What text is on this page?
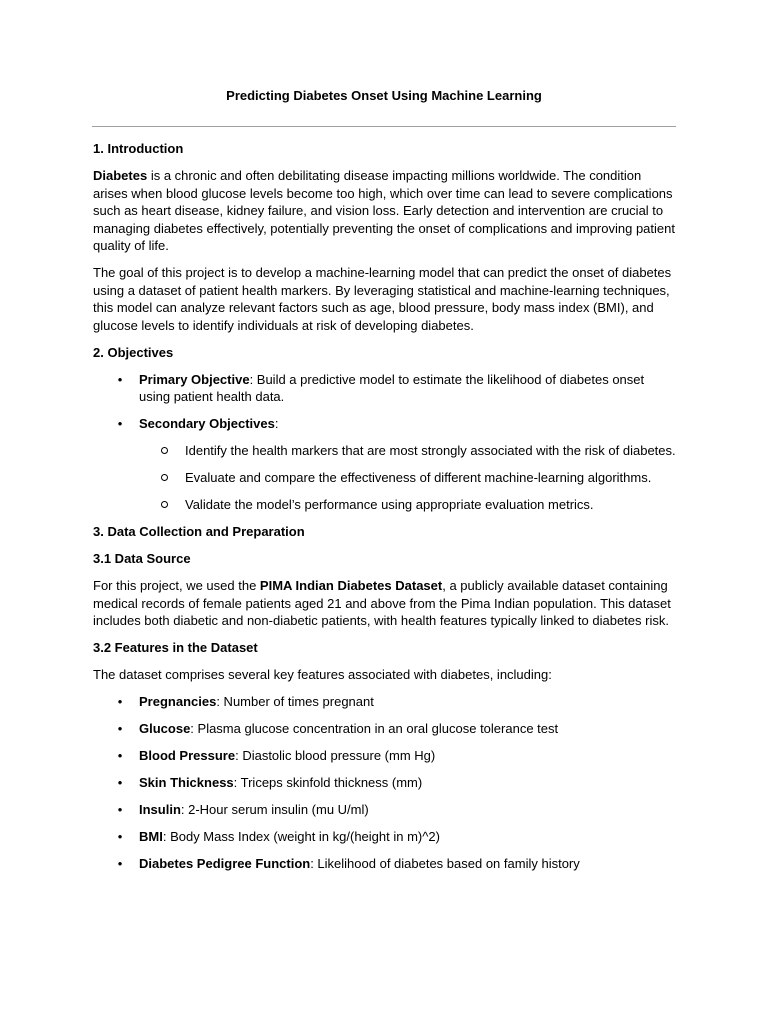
Predicting Diabetes Onset Using Machine Learning
1. Introduction

Diabetes is a chronic and often debilitating disease impacting millions worldwide. The condition arises when blood glucose levels become too high, which over time can lead to severe complications such as heart disease, kidney failure, and vision loss. Early detection and intervention are crucial to managing diabetes effectively, potentially preventing the onset of complications and improving patient quality of life.

The goal of this project is to develop a machine-learning model that can predict the onset of diabetes using a dataset of patient health markers. By leveraging statistical and machine-learning techniques, this model can analyze relevant factors such as age, blood pressure, body mass index (BMI), and glucose levels to identify individuals at risk of developing diabetes.

2. Objectives
• Primary Objective: Build a predictive model to estimate the likelihood of diabetes onset using patient health data.
• Secondary Objectives:
Identify the health markers that are most strongly associated with the risk of diabetes.
Evaluate and compare the effectiveness of different machine-learning algorithms.
Validate the model’s performance using appropriate evaluation metrics.
3. Data Collection and Preparation
3.1 Data Source

For this project, we used the PIMA Indian Diabetes Dataset, a publicly available dataset containing medical records of female patients aged 21 and above from the Pima Indian population. This dataset includes both diabetic and non-diabetic patients, with health features typically linked to diabetes risk.

3.2 Features in the Dataset

The dataset comprises several key features associated with diabetes, including:

• Pregnancies: Number of times pregnant
• Glucose: Plasma glucose concentration in an oral glucose tolerance test
• Blood Pressure: Diastolic blood pressure (mm Hg)
• Skin Thickness: Triceps skinfold thickness (mm)
• Insulin: 2-Hour serum insulin (mu U/ml)
• BMI: Body Mass Index (weight in kg/(height in m)^2)
• Diabetes Pedigree Function: Likelihood of diabetes based on family history
